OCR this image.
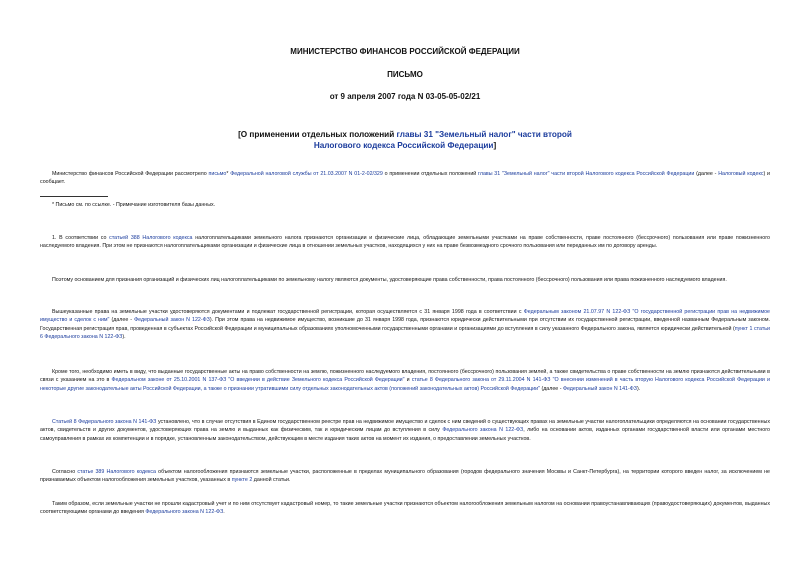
МИНИСТЕРСТВО ФИНАНСОВ РОССИЙСКОЙ ФЕДЕРАЦИИ
ПИСЬМО
от 9 апреля 2007 года N 03-05-05-02/21
[О применении отдельных положений главы 31 "Земельный налог" части второй
Налогового кодекса Российской Федерации]

Министерство финансов Российской Федерации рассмотрело письмо* Федеральной налоговой службы от 21.03.2007 N 01-2-02/329 о применении отдельных положений главы 31 "Земельный налог" части второй Налогового кодекса Российской Федерации (далее - Налоговый кодекс) и сообщает.

* Письмо см. по ссылке. - Примечание изготовителя базы данных.

1. В соответствии со статьей 388 Налогового кодекса налогоплательщиками земельного налога признаются организации и физические лица, обладающие земельными участками на праве собственности, праве постоянного (бессрочного) пользования или праве пожизненного наследуемого владения. При этом не признаются налогоплательщиками организации и физические лица в отношении земельных участков, находящихся у них на праве безвозмездного срочного пользования или переданных им по договору аренды.

Поэтому основанием для признания организаций и физических лиц налогоплательщиками по земельному налогу являются документы, удостоверяющие права собственности, права постоянного (бессрочного) пользования или права пожизненного наследуемого владения.

Вышеуказанные права на земельные участки удостоверяются документами и подлежат государственной регистрации, которая осуществляется с 31 января 1998 года в соответствии с Федеральным законом 21.07.97 N 122-ФЗ "О государственной регистрации прав на недвижимое имущество и сделок с ним" (далее - Федеральный закон N 122-ФЗ). При этом права на недвижимое имущество, возникшие до 31 января 1998 года, признаются юридически действительными при отсутствии их государственной регистрации, введенной названным Федеральным законом. Государственная регистрация прав, проведенная в субъектах Российской Федерации и муниципальных образованиях уполномоченными государственными органами и организациями до вступления в силу указанного Федерального закона, является юридически действительной (пункт 1 статьи 6 Федерального закона N 122-ФЗ).

Кроме того, необходимо иметь в виду, что выданные государственные акты на право собственности на землю, пожизненного наследуемого владения, постоянного (бессрочного) пользования землей, а также свидетельства о праве собственности на землю признаются действительными в связи с указанием на это в Федеральном законе от 25.10.2001 N 137-ФЗ "О введении в действие Земельного кодекса Российской Федерации" и статье 8 Федерального закона от 29.11.2004 N 141-ФЗ "О внесении изменений в часть вторую Налогового кодекса Российской Федерации и некоторые другие законодательные акты Российской Федерации, а также о признании утратившими силу отдельных законодательных актов (положений законодательных актов) Российской Федерации" (далее - Федеральный закон N 141-ФЗ).

Статьей 8 Федерального закона N 141-ФЗ установлено, что в случае отсутствия в Едином государственном реестре прав на недвижимое имущество и сделок с ним сведений о существующих правах на земельные участки налогоплательщики определяются на основании государственных актов, свидетельств и других документов, удостоверяющих права на землю и выданных как физическим, так и юридическим лицам до вступления в силу Федерального закона N 122-ФЗ, либо на основании актов, изданных органами государственной власти или органами местного самоуправления в рамках их компетенции и в порядке, установленным законодательством, действующим в месте издания таких актов на момент их издания, о предоставлении земельных участков.

Согласно статье 389 Налогового кодекса объектом налогообложения признаются земельные участки, расположенные в пределах муниципального образования (городов федерального значения Москвы и Санкт-Петербурга), на территории которого введен налог, за исключением не признаваемых объектом налогообложения земельных участков, указанных в пункте 2 данной статьи.

Таким образом, если земельные участки не прошли кадастровый учет и по ним отсутствует кадастровый номер, то такие земельные участки признаются объектом налогообложения земельным налогом на основании правоустанавливающих (правоудостоверяющих) документов, выданных соответствующими органами до введения Федерального закона N 122-ФЗ.
